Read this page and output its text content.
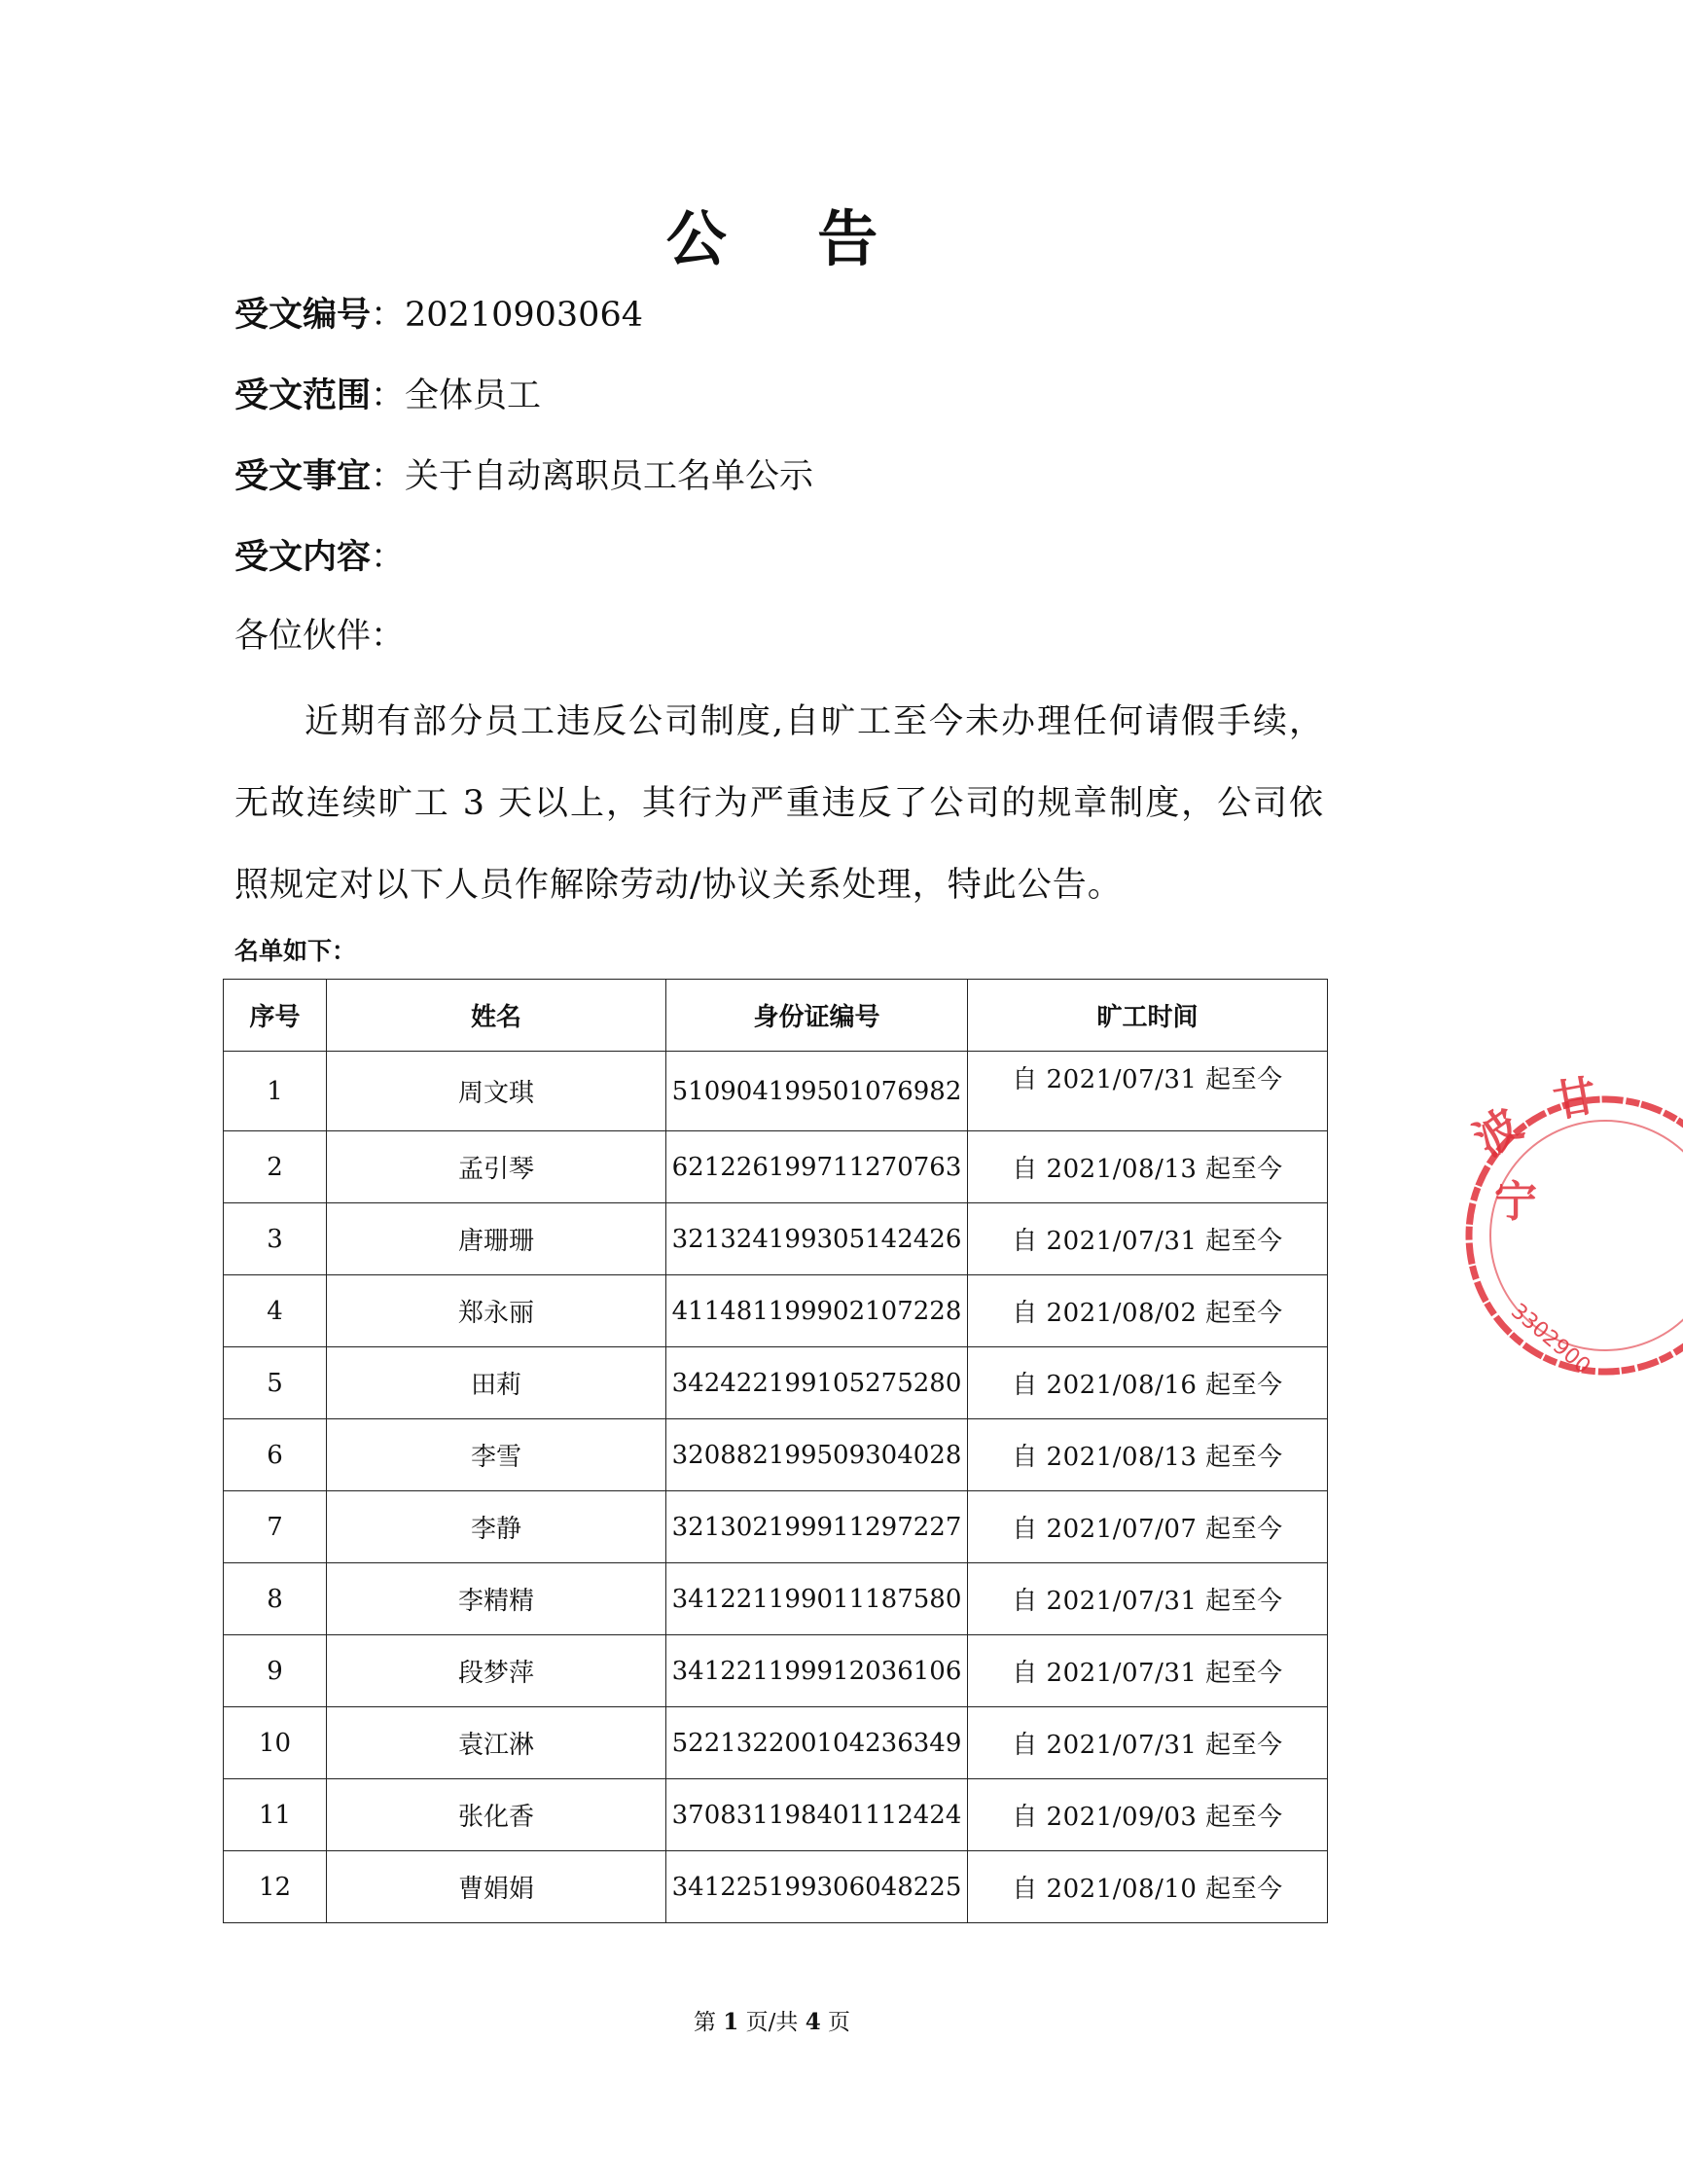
公 告
受文编号：20210903064
受文范围：全体员工
受文事宜：关于自动离职员工名单公示
受文内容：
各位伙伴：
近期有部分员工违反公司制度,自旷工至今未办理任何请假手续，无故连续旷工 3 天以上，其行为严重违反了公司的规章制度，公司依照规定对以下人员作解除劳动/协议关系处理，特此公告。
名单如下：
序号	姓名	身份证编号	旷工时间
1	周文琪	510904199501076982	自 2021/07/31 起至今
2	孟引琴	621226199711270763	自 2021/08/13 起至今
3	唐珊珊	321324199305142426	自 2021/07/31 起至今
4	郑永丽	411481199902107228	自 2021/08/02 起至今
5	田莉	342422199105275280	自 2021/08/16 起至今
6	李雪	320882199509304028	自 2021/08/13 起至今
7	李静	321302199911297227	自 2021/07/07 起至今
8	李精精	341221199011187580	自 2021/07/31 起至今
9	段梦萍	341221199912036106	自 2021/07/31 起至今
10	袁江淋	522132200104236349	自 2021/07/31 起至今
11	张化香	370831198401112424	自 2021/09/03 起至今
12	曹娟娟	341225199306048225	自 2021/08/10 起至今
第 1 页/共 4 页
宁
波 甘
3302900
